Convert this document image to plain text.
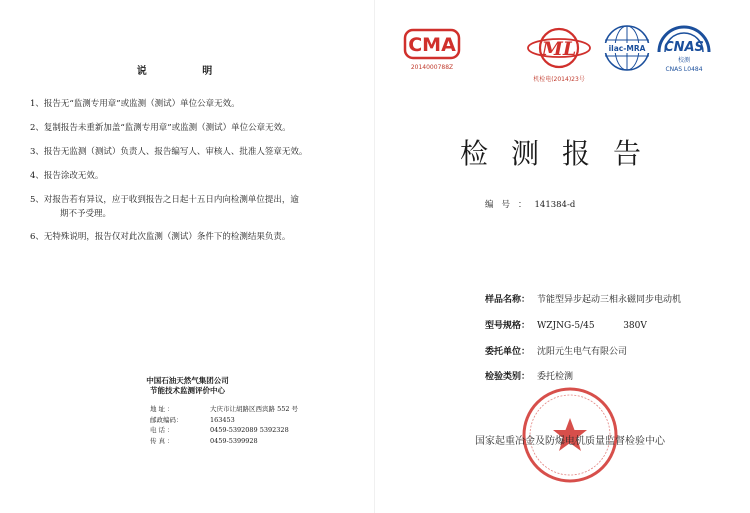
说 明
1、报告无“监测专用章”或监测（测试）单位公章无效。
2、复制报告未重新加盖“监测专用章”或监测（测试）单位公章无效。
3、报告无监测（测试）负责人、报告编写人、审核人、批准人签章无效。
4、报告涂改无效。
5、对报告若有异议，应于收到报告之日起十五日内向检测单位提出，逾
期不予受理。
6、无特殊说明，报告仅对此次监测（测试）条件下的检测结果负责。
中国石油天然气集团公司
节能技术监测评价中心
地址：	大庆市让胡路区西宾路 552 号
邮政编码：	163453
电话：	0459-5392089 5392328
传真：	0459-5399928
CMA
2014000788Z
ML
机检电(2014)23号
ilac-MRA CNAS
校测
CNAS L0484
检测报告
编号：141384-d
样品名称： 节能型异步起动三相永磁同步电动机
型号规格： WZJNG-5/45          380V
委托单位： 沈阳元生电气有限公司
检验类别： 委托检测
国家起重冶金及防爆电机质量监督检验中心
